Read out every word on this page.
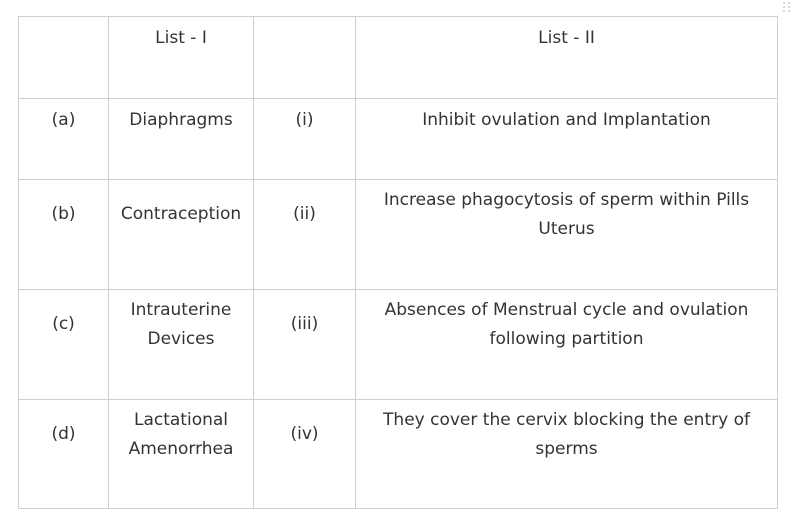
	List - I		List - II
(a)	Diaphragms	(i)	Inhibit ovulation and Implantation
(b)	Contraception	(ii)	Increase phagocytosis of sperm within Pills Uterus
(c)	Intrauterine Devices	(iii)	Absences of Menstrual cycle and ovulation following partition
(d)	Lactational Amenorrhea	(iv)	They cover the cervix blocking the entry of sperms
